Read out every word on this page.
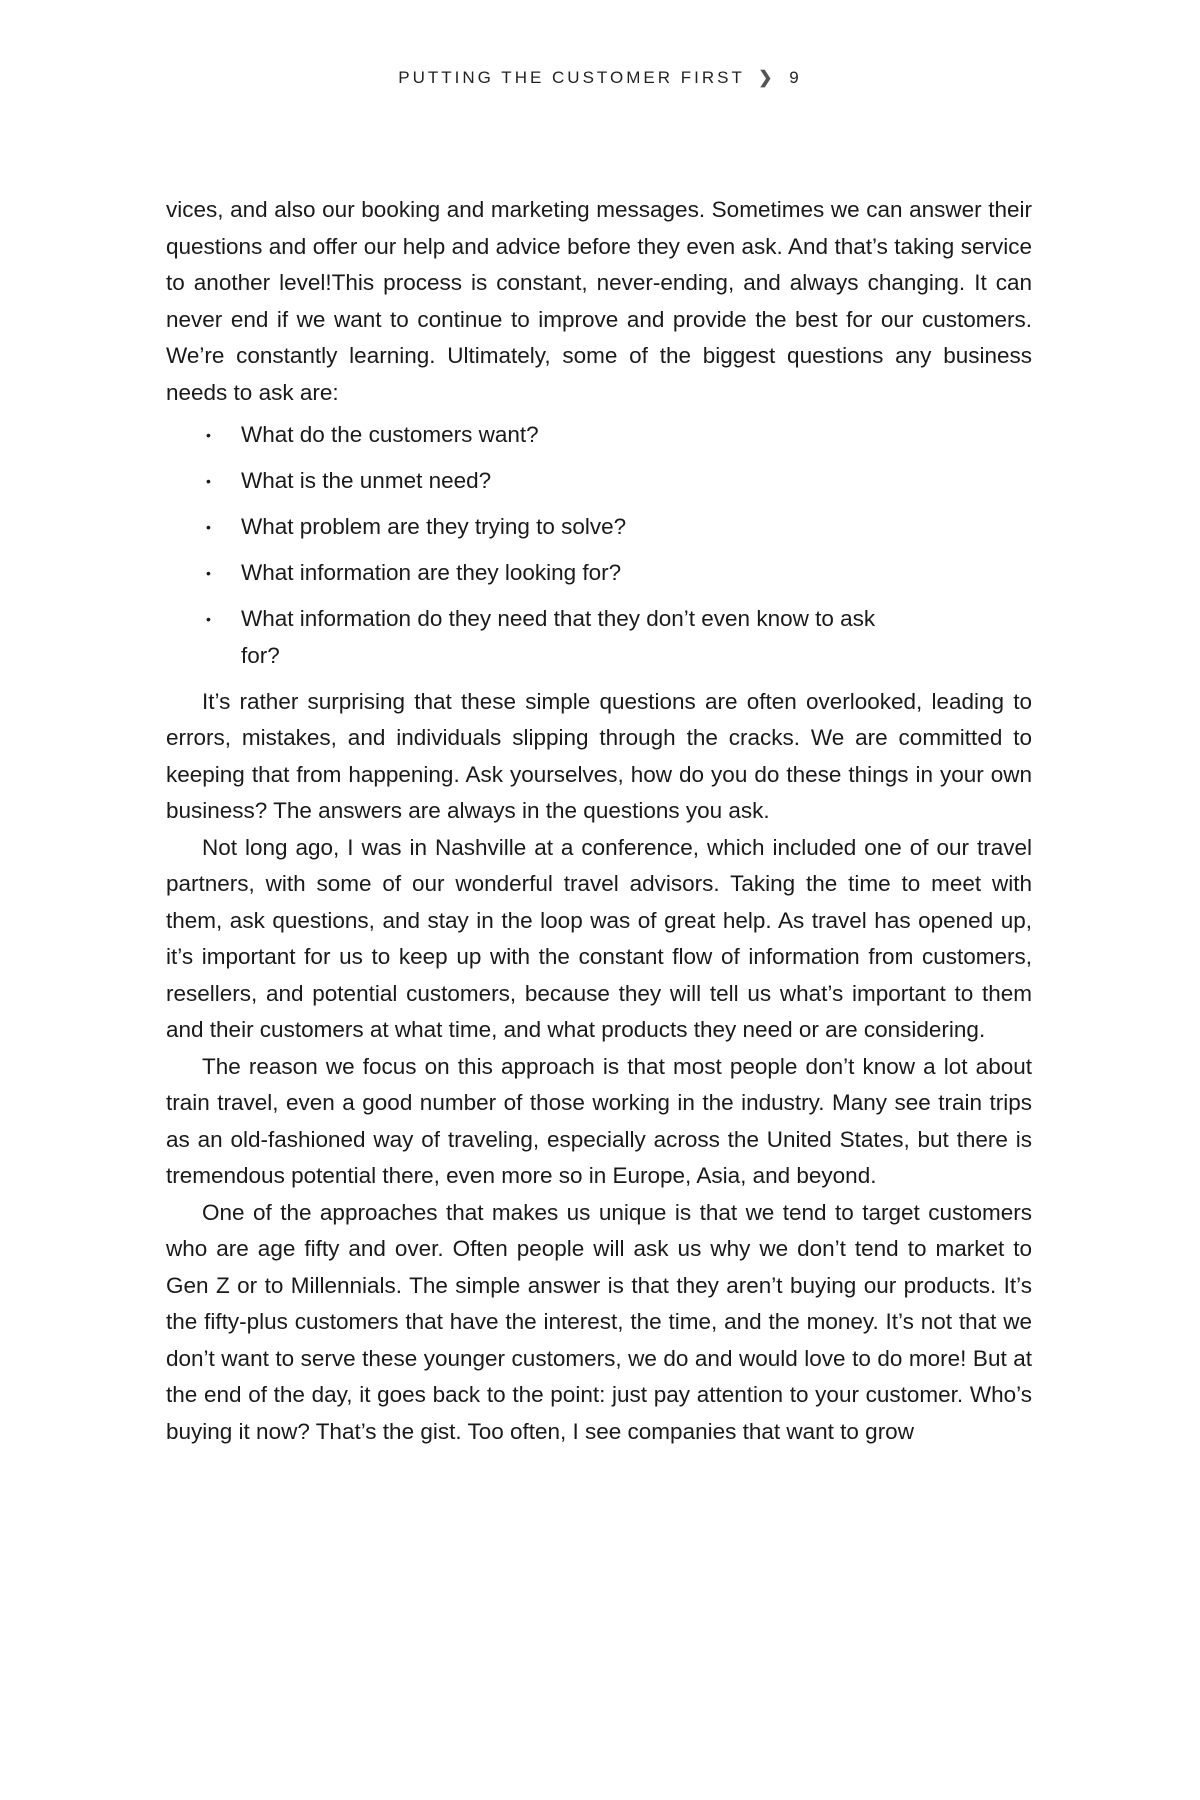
PUTTING THE CUSTOMER FIRST ❯ 9

vices, and also our booking and marketing messages. Sometimes we can answer their questions and offer our help and advice before they even ask. And that’s taking service to another level!This process is constant, never-ending, and always changing. It can never end if we want to continue to improve and provide the best for our customers. We’re constantly learning. Ultimately, some of the biggest questions any business needs to ask are:

• What do the customers want?
• What is the unmet need?
• What problem are they trying to solve?
• What information are they looking for?
• What information do they need that they don’t even know to ask for?

It’s rather surprising that these simple questions are often overlooked, leading to errors, mistakes, and individuals slipping through the cracks. We are committed to keeping that from happening. Ask yourselves, how do you do these things in your own business? The answers are always in the questions you ask.

Not long ago, I was in Nashville at a conference, which included one of our travel partners, with some of our wonderful travel advisors. Taking the time to meet with them, ask questions, and stay in the loop was of great help. As travel has opened up, it’s important for us to keep up with the constant flow of information from customers, resellers, and potential customers, because they will tell us what’s important to them and their customers at what time, and what products they need or are considering.

The reason we focus on this approach is that most people don’t know a lot about train travel, even a good number of those working in the industry. Many see train trips as an old-fashioned way of traveling, especially across the United States, but there is tremendous potential there, even more so in Europe, Asia, and beyond.

One of the approaches that makes us unique is that we tend to target customers who are age fifty and over. Often people will ask us why we don’t tend to market to Gen Z or to Millennials. The simple answer is that they aren’t buying our products. It’s the fifty-plus customers that have the interest, the time, and the money. It’s not that we don’t want to serve these younger customers, we do and would love to do more! But at the end of the day, it goes back to the point: just pay attention to your customer. Who’s buying it now? That’s the gist. Too often, I see companies that want to grow
